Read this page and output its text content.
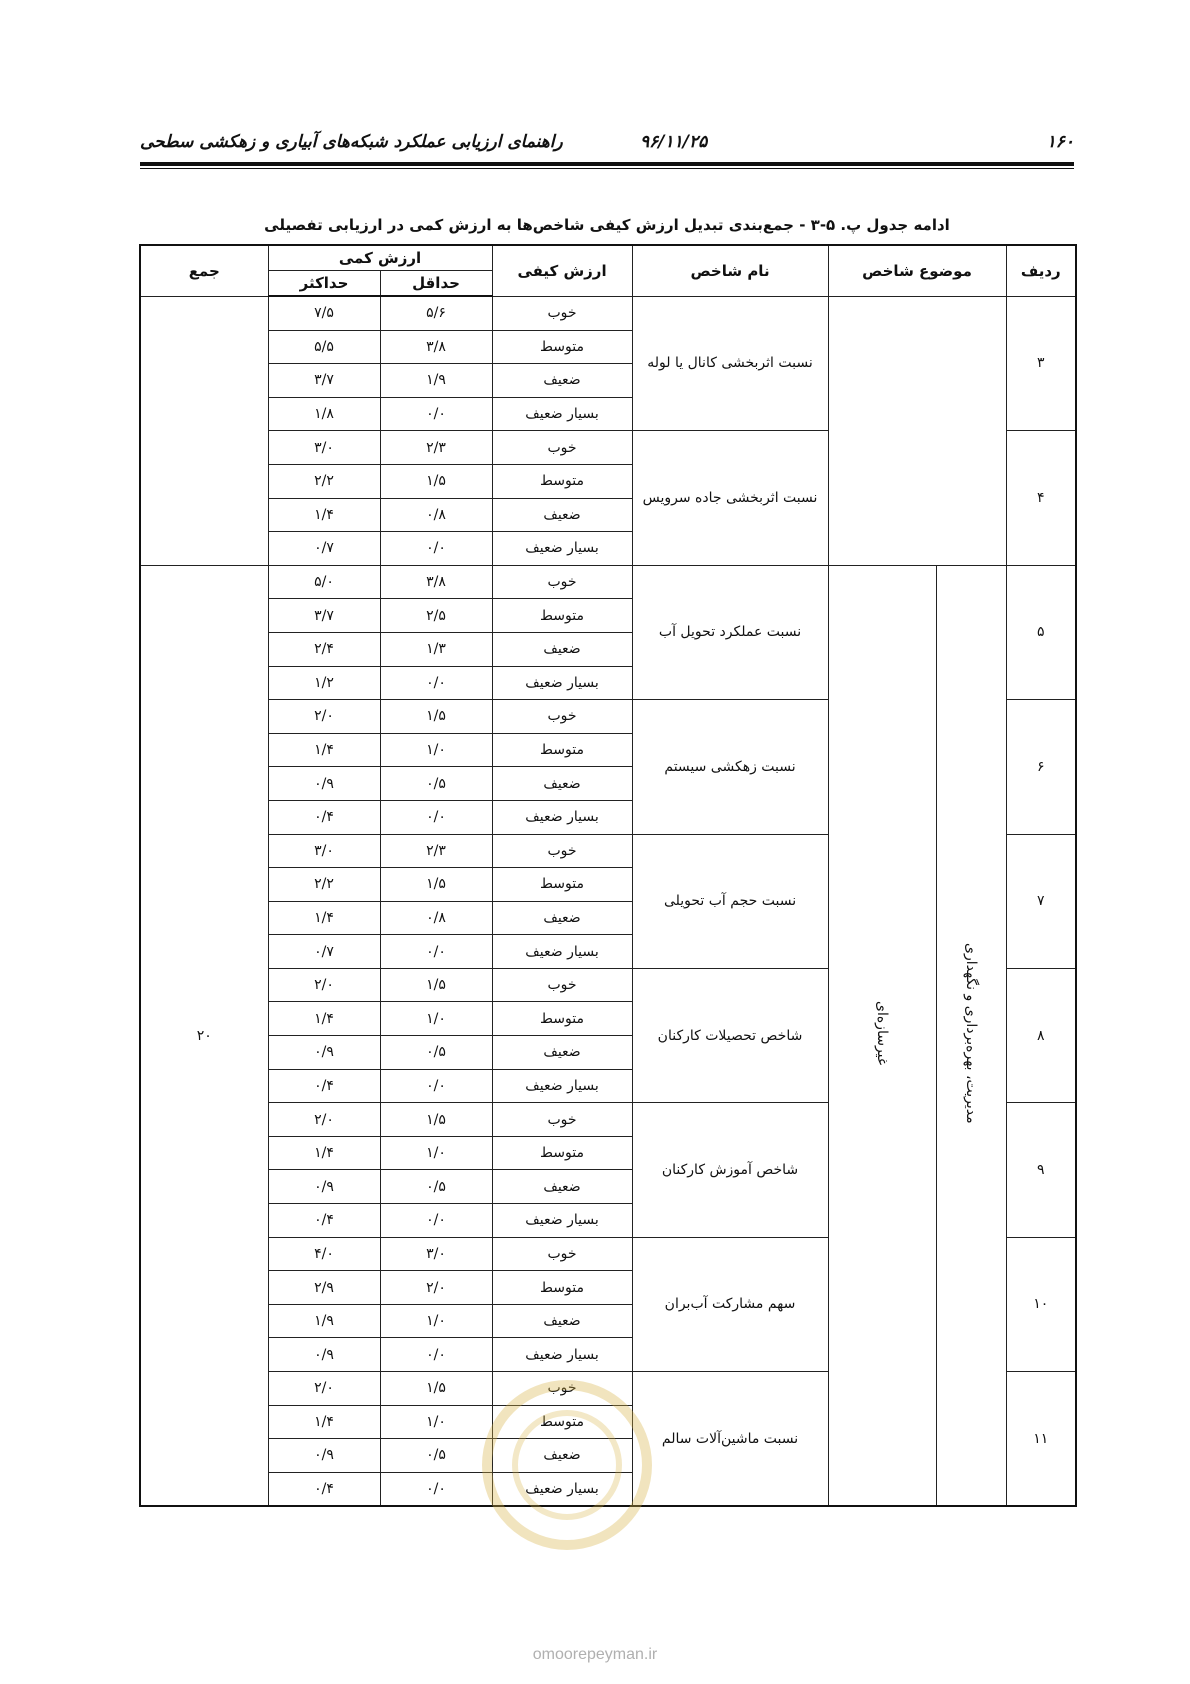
۱۶۰
۹۶/۱۱/۲۵
راهنمای ارزیابی عملکرد شبکه‌های آبیاری و زهکشی سطحی
ادامه جدول پ. ۵-۳ - جمع‌بندی تبدیل ارزش کیفی شاخص‌ها به ارزش کمی در ارزیابی تفصیلی
ردیف	موضوع شاخص		نام شاخص	ارزش کیفی	ارزش کمی		جمع
					حداقل	حداکثر	
۳			نسبت اثربخشی کانال یا لوله	خوب	۵/۶	۷/۵	
				متوسط	۳/۸	۵/۵	
				ضعیف	۱/۹	۳/۷	
				بسیار ضعیف	۰/۰	۱/۸	
۴			نسبت اثربخشی جاده سرویس	خوب	۲/۳	۳/۰	
				متوسط	۱/۵	۲/۲	
				ضعیف	۰/۸	۱/۴	
				بسیار ضعیف	۰/۰	۰/۷	
۵	مدیریت، بهره‌برداری و نگهداری	غیرسازه‌ای	نسبت عملکرد تحویل آب	خوب	۳/۸	۵/۰	۲۰
				متوسط	۲/۵	۳/۷	
				ضعیف	۱/۳	۲/۴	
				بسیار ضعیف	۰/۰	۱/۲	
۶			نسبت زهکشی سیستم	خوب	۱/۵	۲/۰	
				متوسط	۱/۰	۱/۴	
				ضعیف	۰/۵	۰/۹	
				بسیار ضعیف	۰/۰	۰/۴	
۷			نسبت حجم آب تحویلی	خوب	۲/۳	۳/۰	
				متوسط	۱/۵	۲/۲	
				ضعیف	۰/۸	۱/۴	
				بسیار ضعیف	۰/۰	۰/۷	
۸			شاخص تحصیلات کارکنان	خوب	۱/۵	۲/۰	
				متوسط	۱/۰	۱/۴	
				ضعیف	۰/۵	۰/۹	
				بسیار ضعیف	۰/۰	۰/۴	
۹			شاخص آموزش کارکنان	خوب	۱/۵	۲/۰	
				متوسط	۱/۰	۱/۴	
				ضعیف	۰/۵	۰/۹	
				بسیار ضعیف	۰/۰	۰/۴	
۱۰			سهم مشارکت آب‌بران	خوب	۳/۰	۴/۰	
				متوسط	۲/۰	۲/۹	
				ضعیف	۱/۰	۱/۹	
				بسیار ضعیف	۰/۰	۰/۹	
۱۱			نسبت ماشین‌آلات سالم	خوب	۱/۵	۲/۰	
				متوسط	۱/۰	۱/۴	
				ضعیف	۰/۵	۰/۹	
				بسیار ضعیف	۰/۰	۰/۴	
omoorepeyman.ir
